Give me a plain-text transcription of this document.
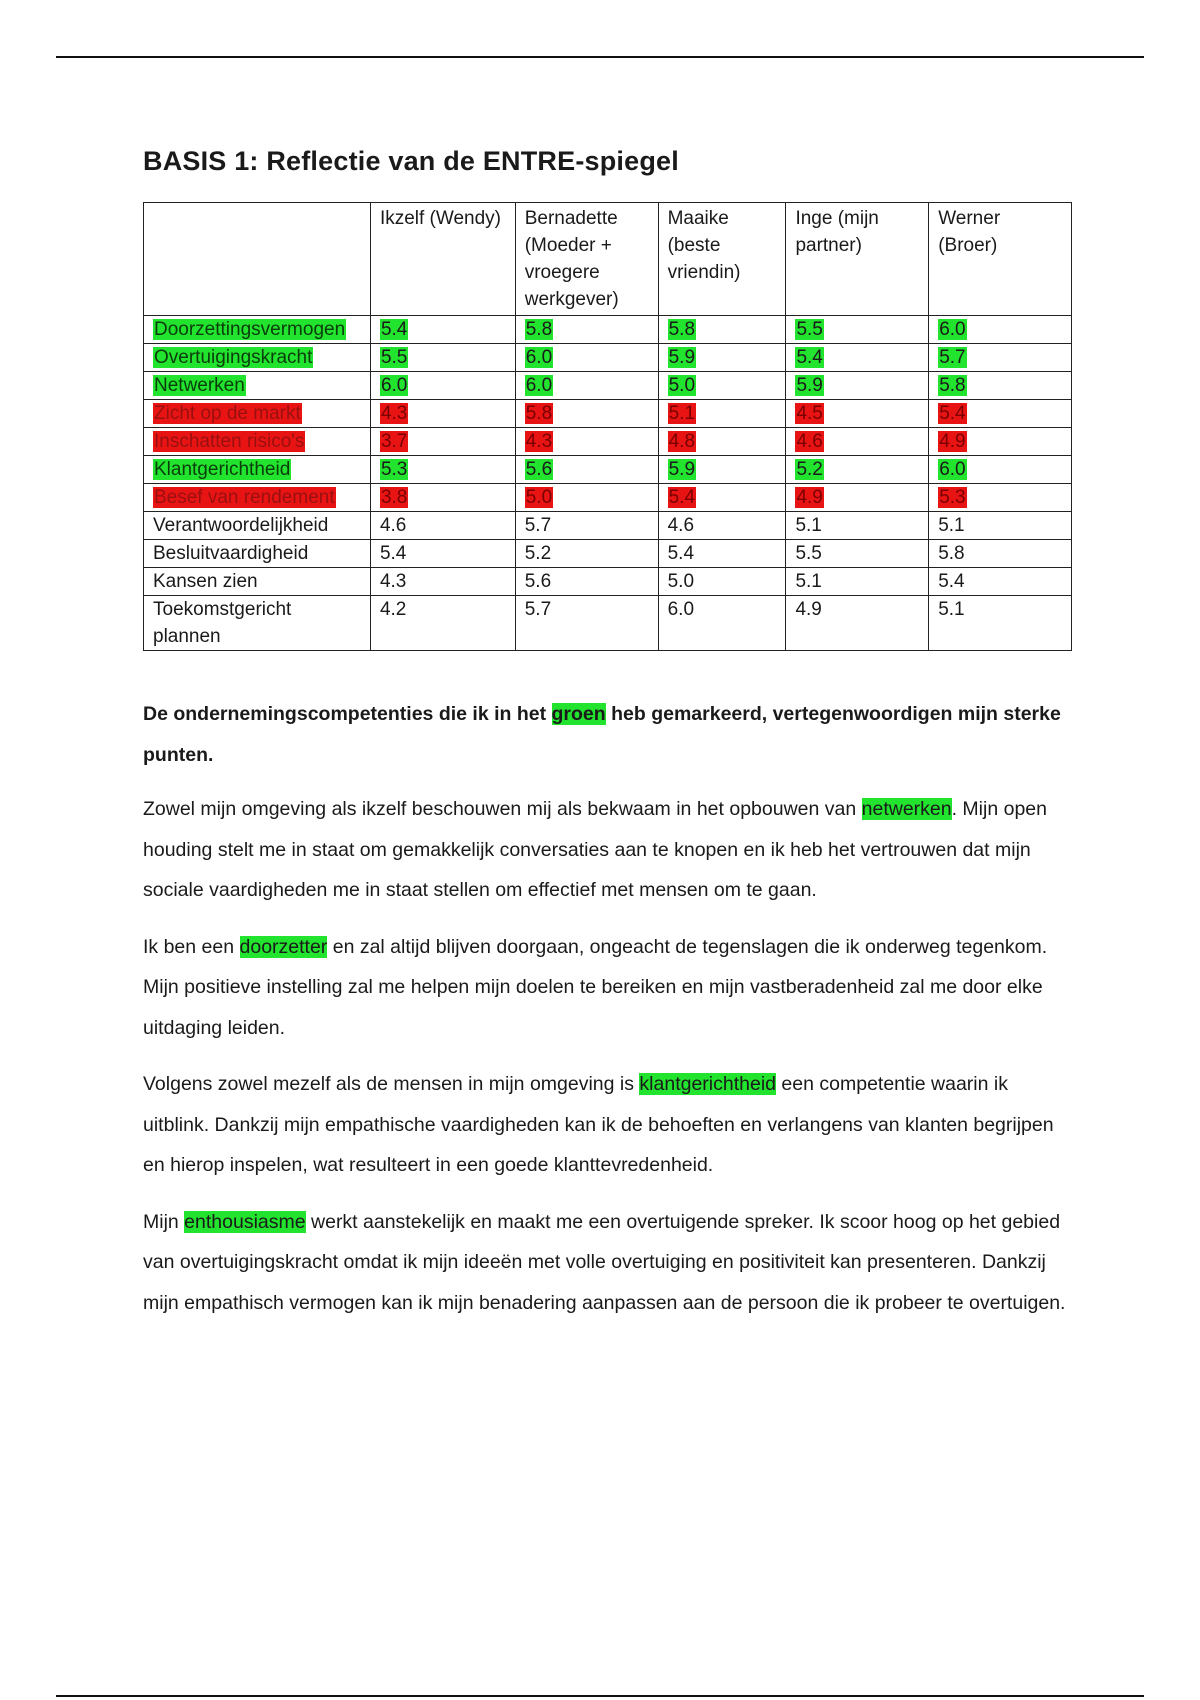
BASIS 1: Reflectie van de ENTRE-spiegel
	Ikzelf (Wendy)	Bernadette (Moeder + vroegere werkgever)	Maaike (beste vriendin)	Inge (mijn partner)	Werner (Broer)
Doorzettingsvermogen	5.4	5.8	5.8	5.5	6.0
Overtuigingskracht	5.5	6.0	5.9	5.4	5.7
Netwerken	6.0	6.0	5.0	5.9	5.8
Zicht op de markt	4.3	5.8	5.1	4.5	5.4
Inschatten risico's	3.7	4.3	4.8	4.6	4.9
Klantgerichtheid	5.3	5.6	5.9	5.2	6.0
Besef van rendement	3.8	5.0	5.4	4.9	5.3
Verantwoordelijkheid	4.6	5.7	4.6	5.1	5.1
Besluitvaardigheid	5.4	5.2	5.4	5.5	5.8
Kansen zien	4.3	5.6	5.0	5.1	5.4
Toekomstgericht plannen	4.2	5.7	6.0	4.9	5.1

De ondernemingscompetenties die ik in het groen heb gemarkeerd, vertegenwoordigen mijn sterke punten.

Zowel mijn omgeving als ikzelf beschouwen mij als bekwaam in het opbouwen van netwerken. Mijn open houding stelt me in staat om gemakkelijk conversaties aan te knopen en ik heb het vertrouwen dat mijn sociale vaardigheden me in staat stellen om effectief met mensen om te gaan.

Ik ben een doorzetter en zal altijd blijven doorgaan, ongeacht de tegenslagen die ik onderweg tegenkom. Mijn positieve instelling zal me helpen mijn doelen te bereiken en mijn vastberadenheid zal me door elke uitdaging leiden.

Volgens zowel mezelf als de mensen in mijn omgeving is klantgerichtheid een competentie waarin ik uitblink. Dankzij mijn empathische vaardigheden kan ik de behoeften en verlangens van klanten begrijpen en hierop inspelen, wat resulteert in een goede klanttevredenheid.

Mijn enthousiasme werkt aanstekelijk en maakt me een overtuigende spreker. Ik scoor hoog op het gebied van overtuigingskracht omdat ik mijn ideeën met volle overtuiging en positiviteit kan presenteren. Dankzij mijn empathisch vermogen kan ik mijn benadering aanpassen aan de persoon die ik probeer te overtuigen.
